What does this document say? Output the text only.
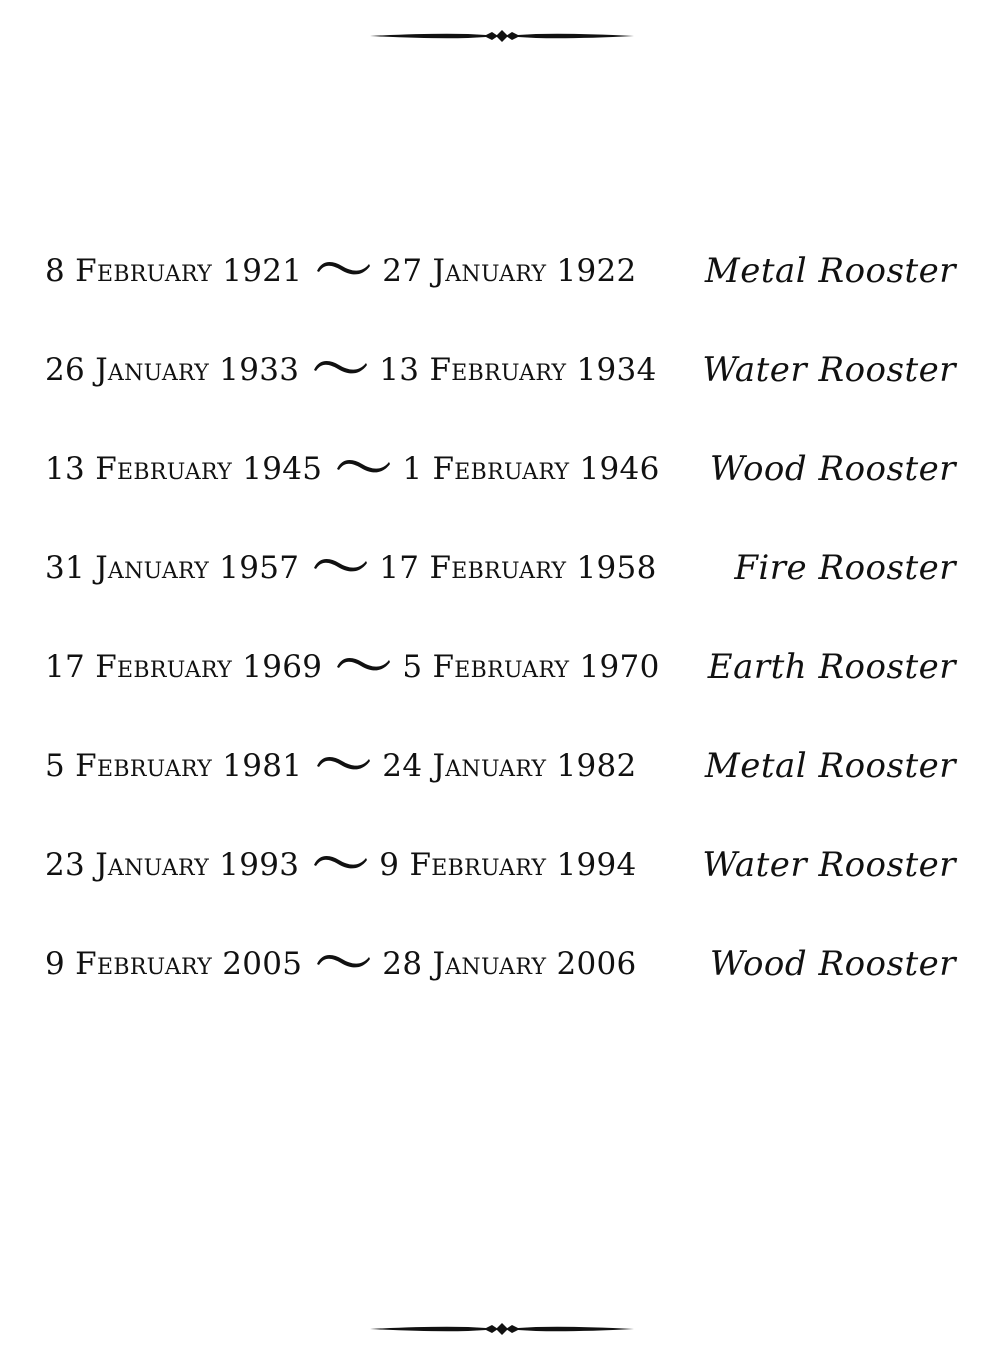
8 February 1921	27 January 1922 Metal Rooster
26 January 1933	13 February 1934 Water Rooster
13 February 1945	1 February 1946 Wood Rooster
31 January 1957	17 February 1958 Fire Rooster
17 February 1969	5 February 1970 Earth Rooster
5 February 1981	24 January 1982 Metal Rooster
23 January 1993	9 February 1994 Water Rooster
9 February 2005	28 January 2006 Wood Rooster
